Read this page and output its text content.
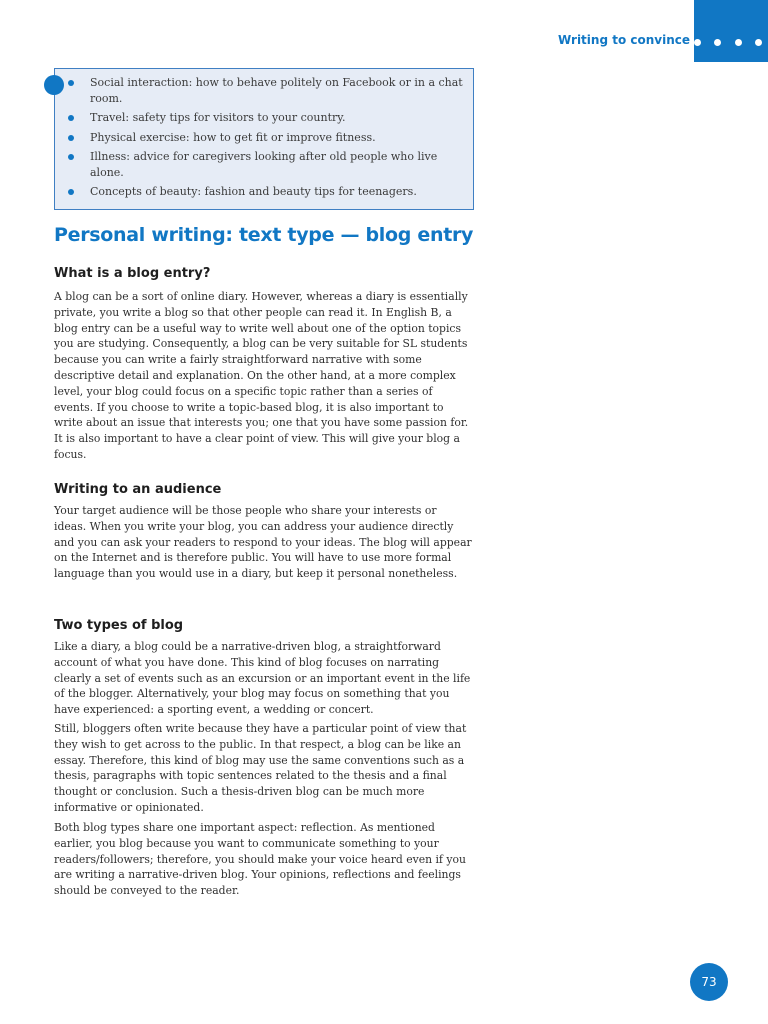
Writing to convince
Social interaction: how to behave politely on Facebook or in a chat room.
Travel: safety tips for visitors to your country.
Physical exercise: how to get fit or improve fitness.
Illness: advice for caregivers looking after old people who live alone.
Concepts of beauty: fashion and beauty tips for teenagers.
Personal writing: text type — blog entry
What is a blog entry?

A blog can be a sort of online diary. However, whereas a diary is essentially private, you write a blog so that other people can read it. In English B, a blog entry can be a useful way to write well about one of the option topics you are studying. Consequently, a blog can be very suitable for SL students because you can write a fairly straightforward narrative with some descriptive detail and explanation. On the other hand, at a more complex level, your blog could focus on a specific topic rather than a series of events. If you choose to write a topic-based blog, it is also important to write about an issue that interests you; one that you have some passion for. It is also important to have a clear point of view. This will give your blog a focus.

Writing to an audience

Your target audience will be those people who share your interests or ideas. When you write your blog, you can address your audience directly and you can ask your readers to respond to your ideas. The blog will appear on the Internet and is therefore public. You will have to use more formal language than you would use in a diary, but keep it personal nonetheless.

Two types of blog

Like a diary, a blog could be a narrative-driven blog, a straightforward account of what you have done. This kind of blog focuses on narrating clearly a set of events such as an excursion or an important event in the life of the blogger. Alternatively, your blog may focus on something that you have experienced: a sporting event, a wedding or concert.

Still, bloggers often write because they have a particular point of view that they wish to get across to the public. In that respect, a blog can be like an essay. Therefore, this kind of blog may use the same conventions such as a thesis, paragraphs with topic sentences related to the thesis and a final thought or conclusion. Such a thesis-driven blog can be much more informative or opinionated.

Both blog types share one important aspect: reflection. As mentioned earlier, you blog because you want to communicate something to your readers/followers; therefore, you should make your voice heard even if you are writing a narrative-driven blog. Your opinions, reflections and feelings should be conveyed to the reader.

73
